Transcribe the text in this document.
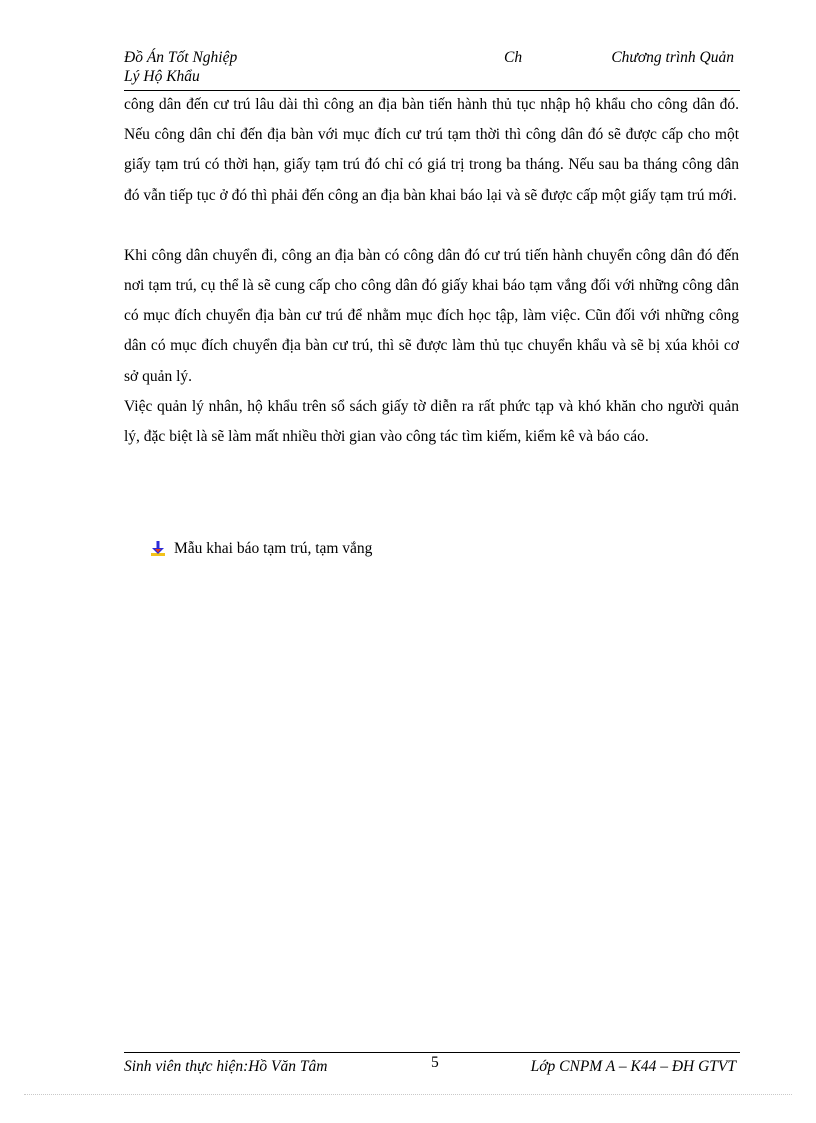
Đồ Án Tốt Nghiệp
Lý Hộ Khẩu
Ch	Chương trình Quản

công dân đến cư trú lâu dài thì công an địa bàn tiến hành thủ tục nhập hộ khẩu cho công dân đó. Nếu công dân chỉ đến địa bàn với mục đích cư trú tạm thời thì công dân đó sẽ được cấp cho một giấy tạm trú có thời hạn, giấy tạm trú đó chỉ có giá trị trong ba tháng. Nếu sau ba tháng công dân đó vẫn tiếp tục ở đó thì phải đến công an địa bàn khai báo lại và sẽ được cấp một giấy tạm trú mới.

Khi công dân chuyển đi, công an địa bàn có công dân đó cư trú tiến hành chuyển công dân đó đến nơi tạm trú, cụ thể là sẽ cung cấp cho công dân đó giấy khai báo tạm vắng đối với những công dân có mục đích chuyển địa bàn cư trú để nhằm mục đích học tập, làm việc. Cũn đối với những công dân có mục đích chuyển địa bàn cư trú, thì sẽ được làm thủ tục chuyển khẩu và sẽ bị xúa khỏi cơ sở quản lý.

Việc quản lý nhân, hộ khẩu trên sổ sách giấy tờ diễn ra rất phức tạp và khó khăn cho người quản lý, đặc biệt là sẽ làm mất nhiều thời gian vào công tác tìm kiếm, kiểm kê và báo cáo.

Mẫu khai báo tạm trú, tạm vắng
Sinh viên thực hiện:Hồ Văn Tâm	5	Lớp CNPM A – K44 – ĐH GTVT
